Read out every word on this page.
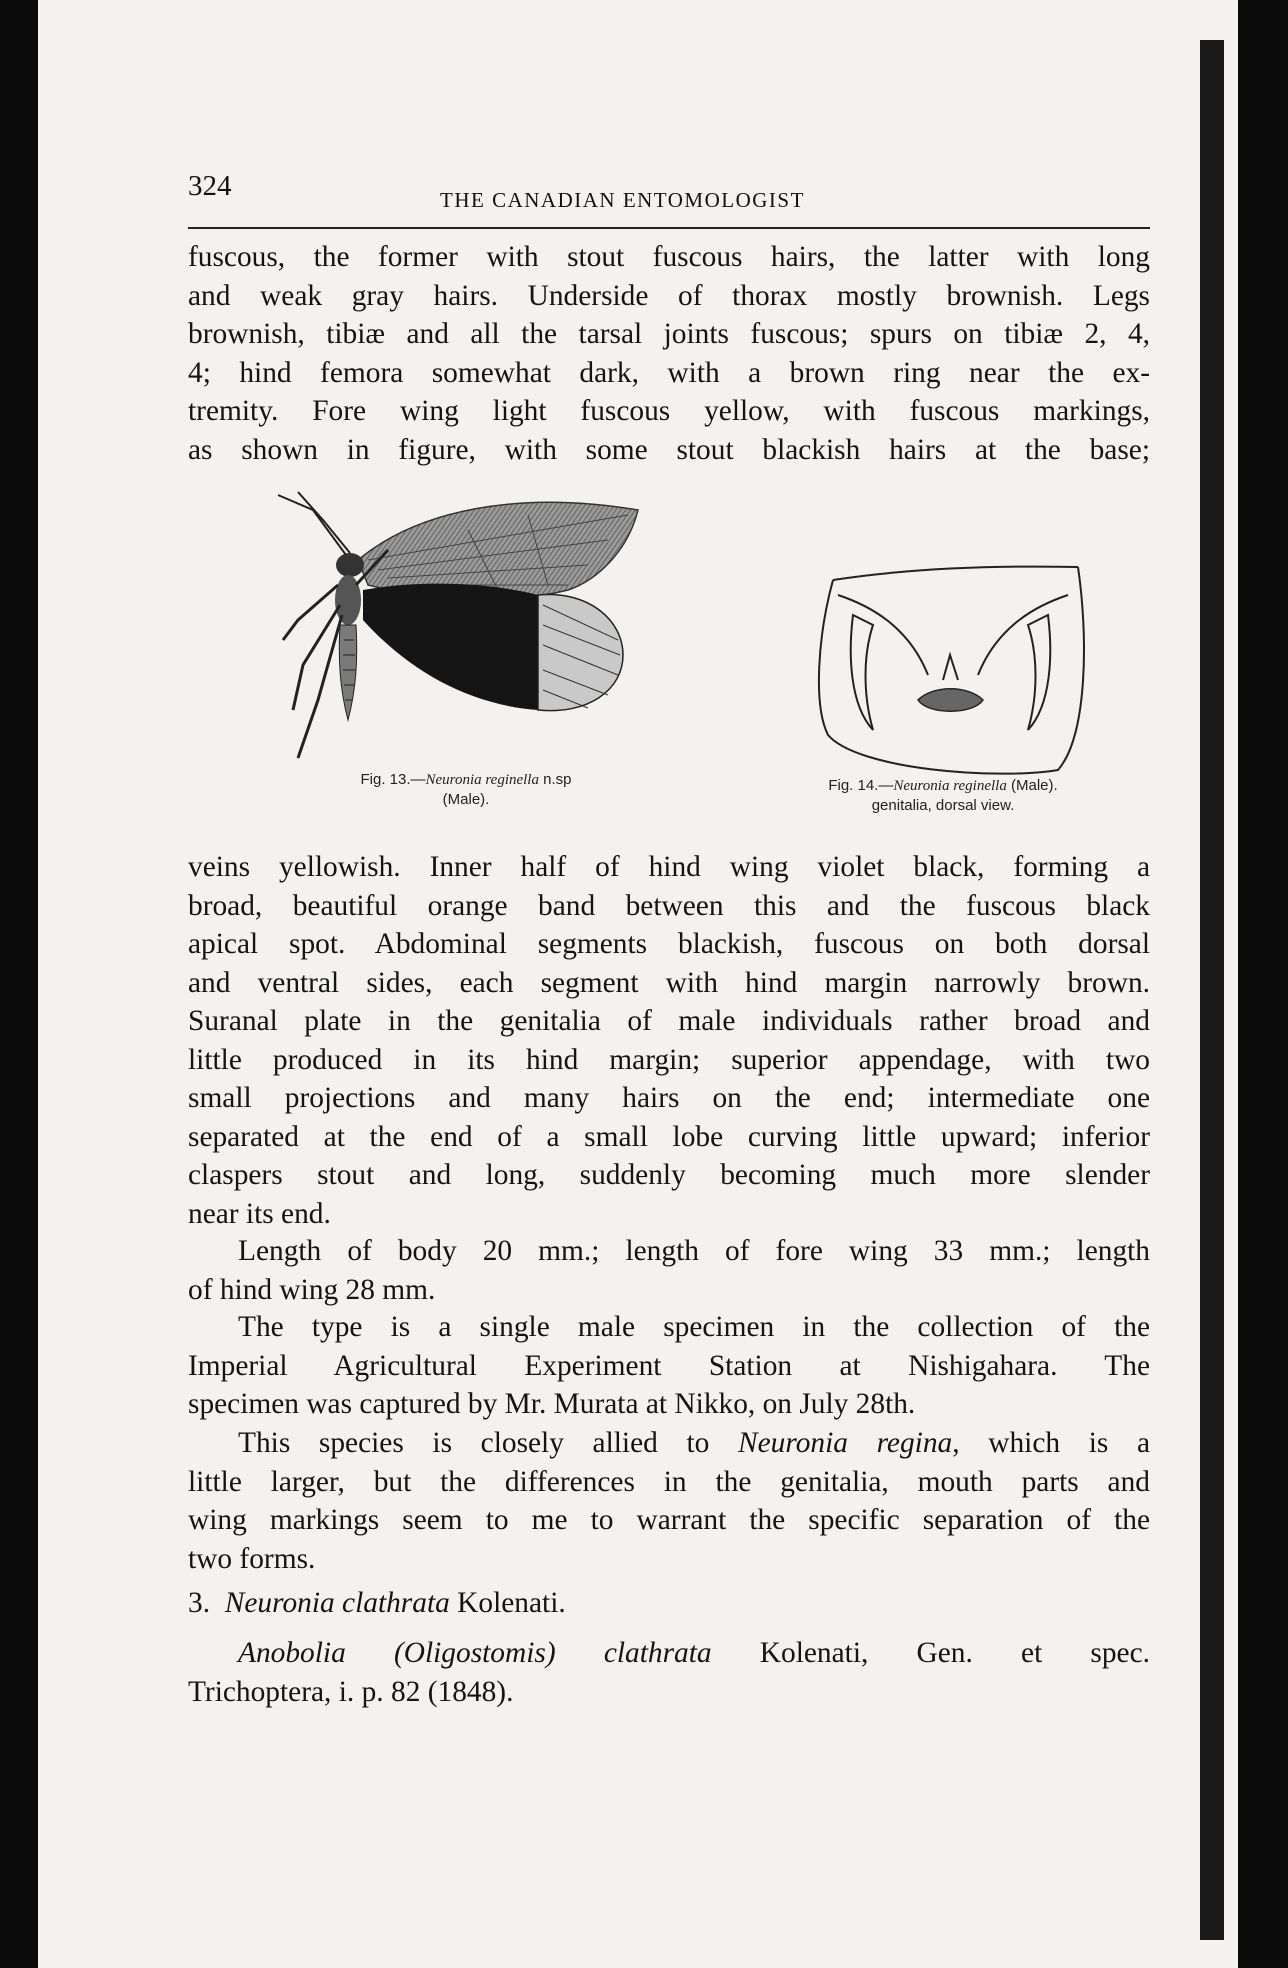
324	THE CANADIAN ENTOMOLOGIST
fuscous, the former with stout fuscous hairs, the latter with long
and weak gray hairs. Underside of thorax mostly brownish. Legs
brownish, tibiæ and all the tarsal joints fuscous; spurs on tibiæ 2, 4,
4; hind femora somewhat dark, with a brown ring near the ex-
tremity. Fore wing light fuscous yellow, with fuscous markings,
as shown in figure, with some stout blackish hairs at the base;
Fig. 13.—Neuronia reginella n.sp
(Male).
Fig. 14.—Neuronia reginella (Male).
genitalia, dorsal view.
veins yellowish. Inner half of hind wing violet black, forming a
broad, beautiful orange band between this and the fuscous black
apical spot. Abdominal segments blackish, fuscous on both dorsal
and ventral sides, each segment with hind margin narrowly brown.
Suranal plate in the genitalia of male individuals rather broad and
little produced in its hind margin; superior appendage, with two
small projections and many hairs on the end; intermediate one
separated at the end of a small lobe curving little upward; inferior
claspers stout and long, suddenly becoming much more slender
near its end.
Length of body 20 mm.; length of fore wing 33 mm.; length
of hind wing 28 mm.
The type is a single male specimen in the collection of the
Imperial Agricultural Experiment Station at Nishigahara. The
specimen was captured by Mr. Murata at Nikko, on July 28th.
This species is closely allied to Neuronia regina, which is a
little larger, but the differences in the genitalia, mouth parts and
wing markings seem to me to warrant the specific separation of the
two forms.
3. Neuronia clathrata Kolenati.
Anobolia (Oligostomis) clathrata Kolenati, Gen. et spec.
Trichoptera, i. p. 82 (1848).
